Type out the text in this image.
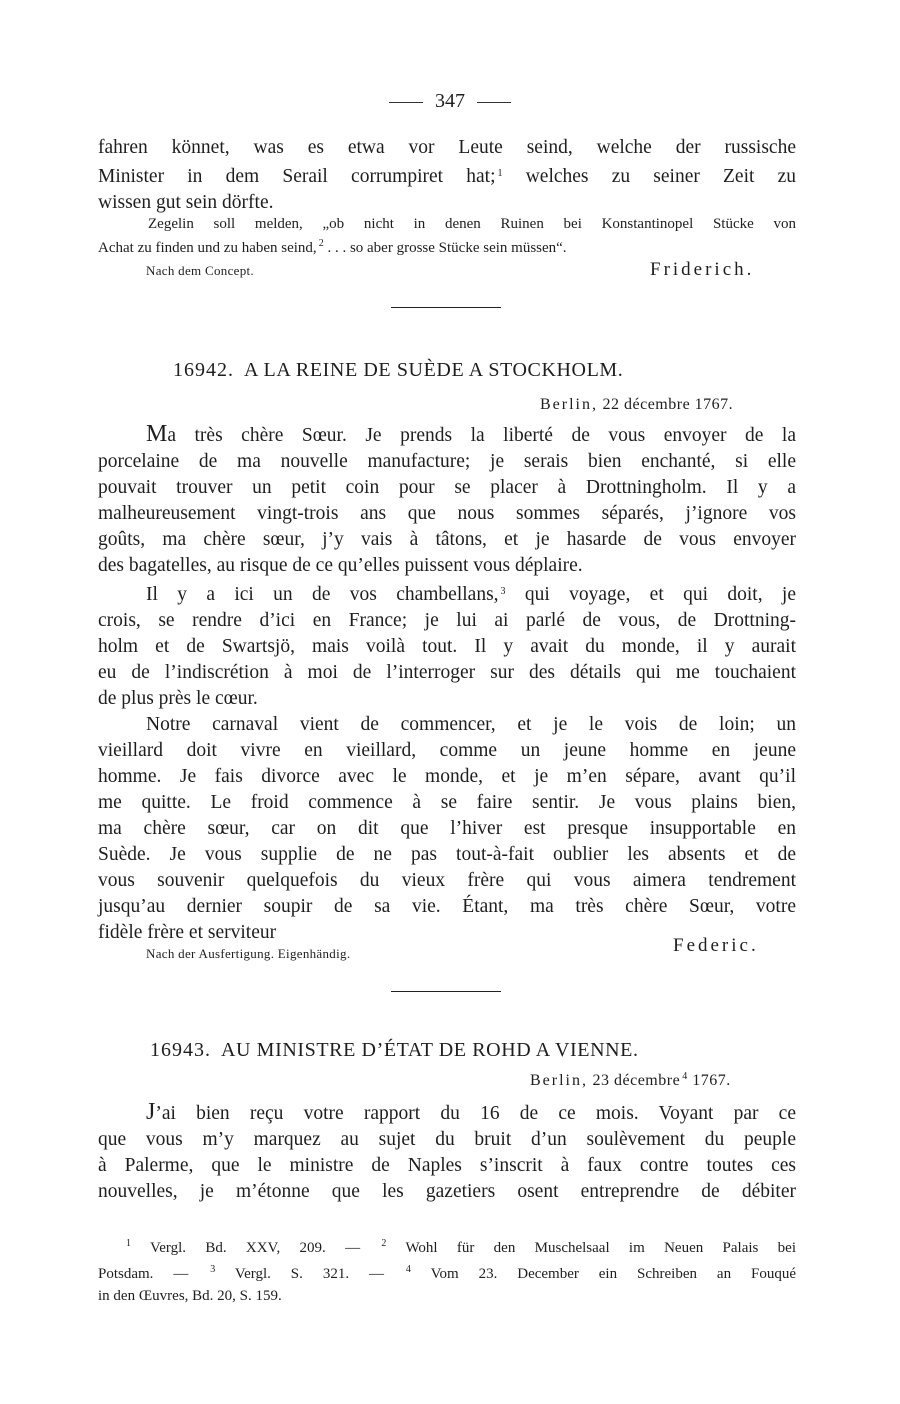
347
fahren könnet, was es etwa vor Leute seind, welche der russische
Minister in dem Serail corrumpiret hat; $^1$ welches zu seiner Zeit zu
wissen gut sein dörfte.
Zegelin soll melden, „ob nicht in denen Ruinen bei Konstantinopel Stücke von
Achat zu finden und zu haben seind, $^2$ . . . so aber grosse Stücke sein müssen“.
Nach dem Concept.	Friderich.
16942. A LA REINE DE SUÈDE A STOCKHOLM.
Berlin, 22 décembre 1767.
Ma très chère Sœur. Je prends la liberté de vous envoyer de la
porcelaine de ma nouvelle manufacture; je serais bien enchanté, si elle
pouvait trouver un petit coin pour se placer à Drottningholm. Il y a
malheureusement vingt-trois ans que nous sommes séparés, j’ignore vos
goûts, ma chère sœur, j’y vais à tâtons, et je hasarde de vous envoyer
des bagatelles, au risque de ce qu’elles puissent vous déplaire.
Il y a ici un de vos chambellans, $^3$ qui voyage, et qui doit, je
crois, se rendre d’ici en France; je lui ai parlé de vous, de Drottning-
holm et de Swartsjö, mais voilà tout. Il y avait du monde, il y aurait
eu de l’indiscrétion à moi de l’interroger sur des détails qui me touchaient
de plus près le cœur.
Notre carnaval vient de commencer, et je le vois de loin; un
vieillard doit vivre en vieillard, comme un jeune homme en jeune
homme. Je fais divorce avec le monde, et je m’en sépare, avant qu’il
me quitte. Le froid commence à se faire sentir. Je vous plains bien,
ma chère sœur, car on dit que l’hiver est presque insupportable en
Suède. Je vous supplie de ne pas tout-à-fait oublier les absents et de
vous souvenir quelquefois du vieux frère qui vous aimera tendrement
jusqu’au dernier soupir de sa vie. Étant, ma très chère Sœur, votre
fidèle frère et serviteur
Nach der Ausfertigung. Eigenhändig.	Federic.
16943. AU MINISTRE D’ÉTAT DE ROHD A VIENNE.
Berlin, 23 décembre $^4$ 1767.
J’ai bien reçu votre rapport du 16 de ce mois. Voyant par ce
que vous m’y marquez au sujet du bruit d’un soulèvement du peuple
à Palerme, que le ministre de Naples s’inscrit à faux contre toutes ces
nouvelles, je m’étonne que les gazetiers osent entreprendre de débiter
$^1$ Vergl. Bd. XXV, 209. — $^2$ Wohl für den Muschelsaal im Neuen Palais bei
Potsdam. — $^3$ Vergl. S. 321. — $^4$ Vom 23. December ein Schreiben an Fouqué
in den Œuvres, Bd. 20, S. 159.
